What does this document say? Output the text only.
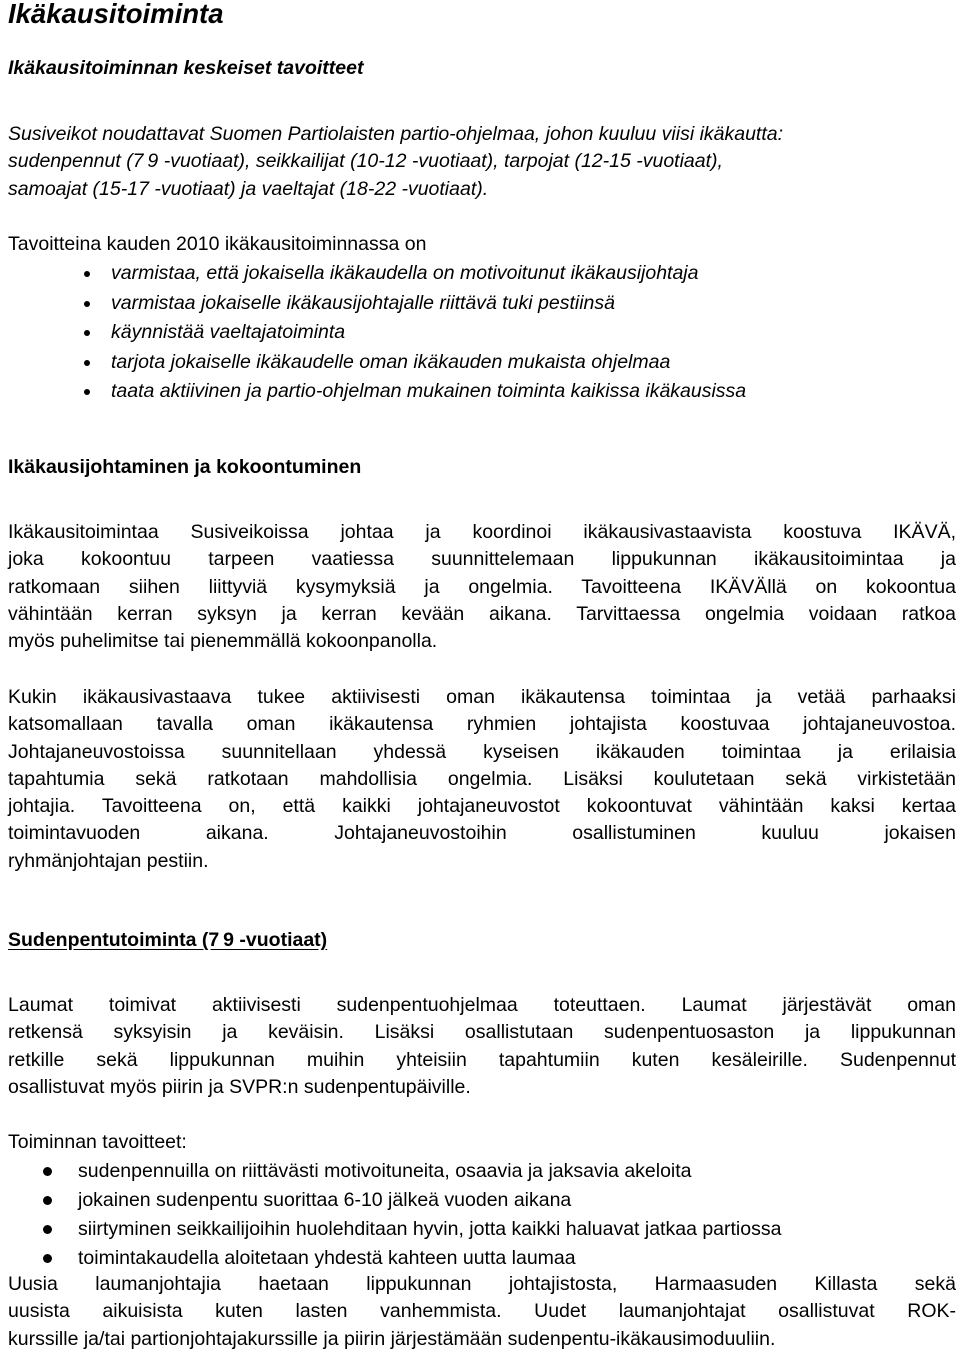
Ikäkausitoiminta
Ikäkausitoiminnan keskeiset tavoitteet
Susiveikot noudattavat Suomen Partiolaisten partio-ohjelmaa, johon kuuluu viisi ikäkautta:
sudenpennut (7 9 -vuotiaat), seikkailijat (10‐12 -vuotiaat), tarpojat (12‐15 -vuotiaat),
samoajat (15‐17 -vuotiaat) ja vaeltajat (18‐22 -vuotiaat).
Tavoitteina kauden 2010 ikäkausitoiminnassa on
varmistaa, että jokaisella ikäkaudella on motivoitunut ikäkausijohtaja
varmistaa jokaiselle ikäkausijohtajalle riittävä tuki pestiinsä
käynnistää vaeltajatoiminta
tarjota jokaiselle ikäkaudelle oman ikäkauden mukaista ohjelmaa
taata aktiivinen ja partio-ohjelman mukainen toiminta kaikissa ikäkausissa
Ikäkausijohtaminen ja kokoontuminen
Ikäkausitoimintaa Susiveikoissa johtaa ja koordinoi ikäkausivastaavista koostuva IKÄVÄ,
joka kokoontuu tarpeen vaatiessa suunnittelemaan lippukunnan ikäkausitoimintaa ja
ratkomaan siihen liittyviä kysymyksiä ja ongelmia. Tavoitteena IKÄVÄllä on kokoontua
vähintään kerran syksyn ja kerran kevään aikana. Tarvittaessa ongelmia voidaan ratkoa
myös puhelimitse tai pienemmällä kokoonpanolla.
Kukin ikäkausivastaava tukee aktiivisesti oman ikäkautensa toimintaa ja vetää parhaaksi
katsomallaan tavalla oman ikäkautensa ryhmien johtajista koostuvaa johtajaneuvostoa.
Johtajaneuvostoissa suunnitellaan yhdessä kyseisen ikäkauden toimintaa ja erilaisia
tapahtumia sekä ratkotaan mahdollisia ongelmia. Lisäksi koulutetaan sekä virkistetään
johtajia. Tavoitteena on, että kaikki johtajaneuvostot kokoontuvat vähintään kaksi kertaa
toimintavuoden aikana. Johtajaneuvostoihin osallistuminen kuuluu jokaisen
ryhmänjohtajan pestiin.
Sudenpentutoiminta (7 9 -vuotiaat)
Laumat toimivat aktiivisesti sudenpentuohjelmaa toteuttaen. Laumat järjestävät oman
retkensä syksyisin ja keväisin. Lisäksi osallistutaan sudenpentuosaston ja lippukunnan
retkille sekä lippukunnan muihin yhteisiin tapahtumiin kuten kesäleirille. Sudenpennut
osallistuvat myös piirin ja SVPR:n sudenpentupäiville.
Toiminnan tavoitteet:
sudenpennuilla on riittävästi motivoituneita, osaavia ja jaksavia akeloita
jokainen sudenpentu suorittaa 6-10 jälkeä vuoden aikana
siirtyminen seikkailijoihin huolehditaan hyvin, jotta kaikki haluavat jatkaa partiossa
toimintakaudella aloitetaan yhdestä kahteen uutta laumaa
Uusia laumanjohtajia haetaan lippukunnan johtajistosta, Harmaasuden Killasta sekä
uusista aikuisista kuten lasten vanhemmista. Uudet laumanjohtajat osallistuvat ROK-
kurssille ja/tai partionjohtajakurssille ja piirin järjestämään sudenpentu-ikäkausimoduuliin.
